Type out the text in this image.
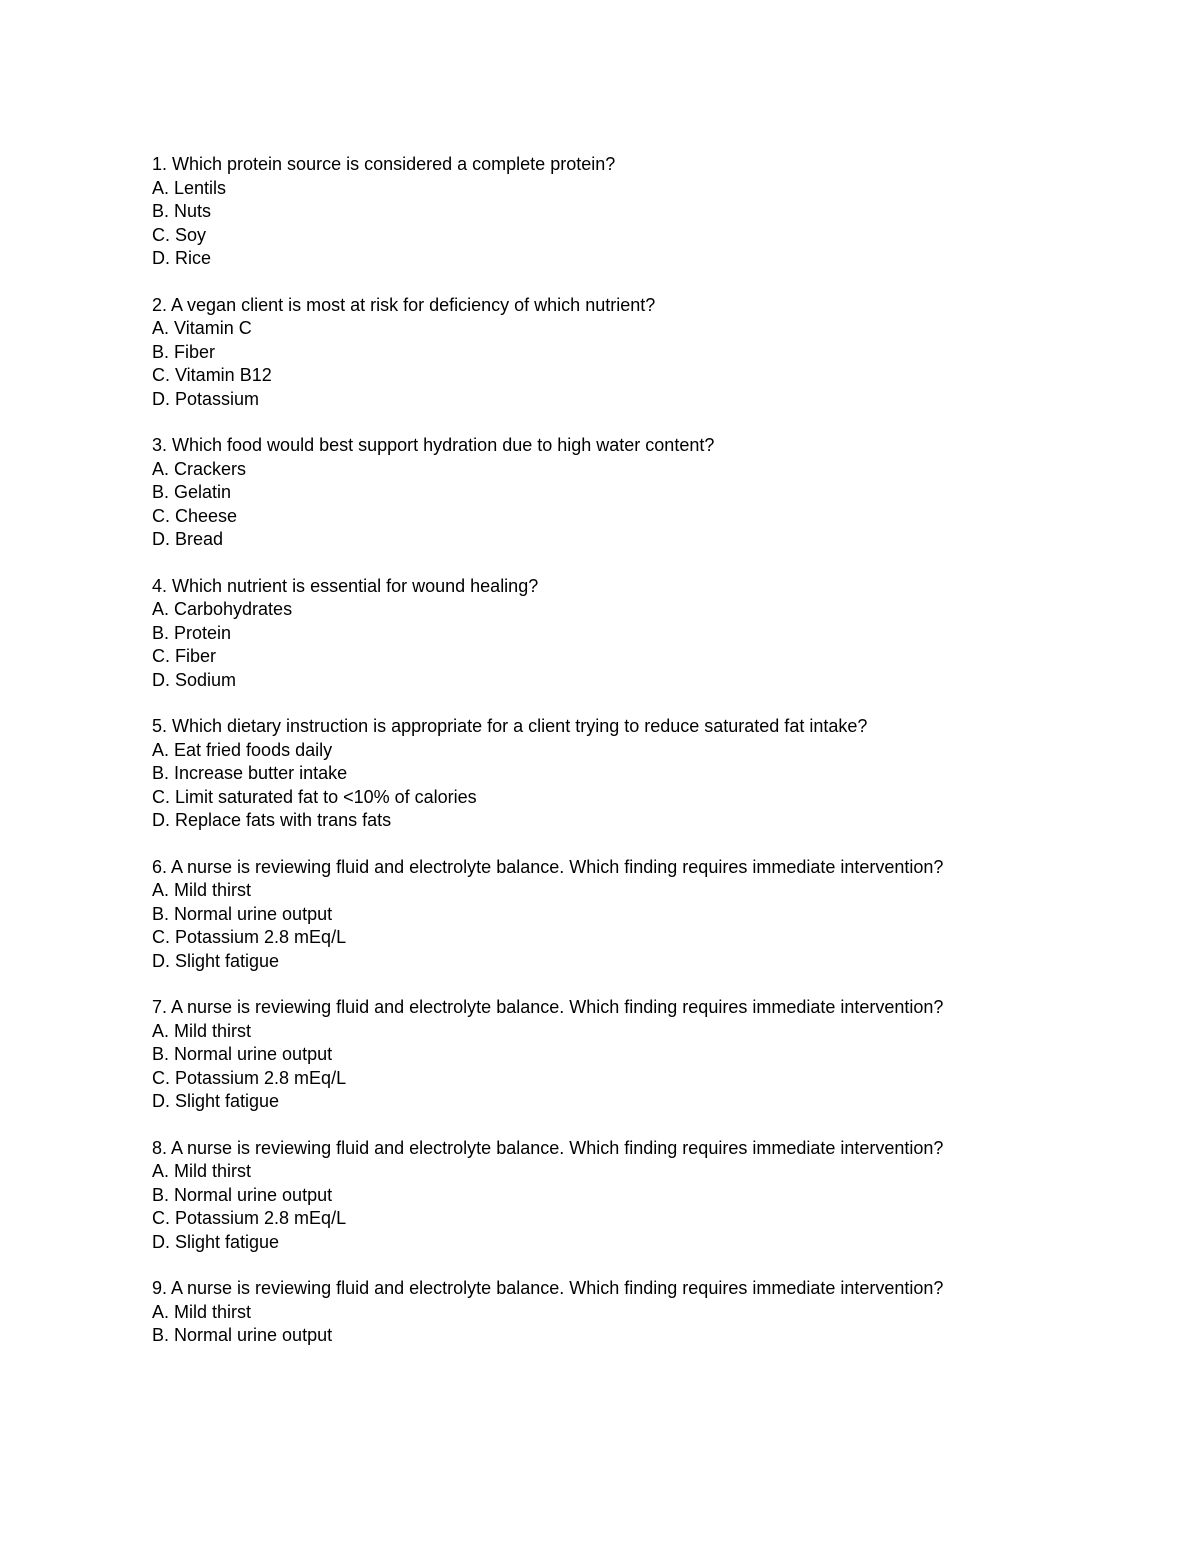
1. Which protein source is considered a complete protein?

A. Lentils

B. Nuts

C. Soy

D. Rice

2. A vegan client is most at risk for deficiency of which nutrient?

A. Vitamin C

B. Fiber

C. Vitamin B12

D. Potassium

3. Which food would best support hydration due to high water content?

A. Crackers

B. Gelatin

C. Cheese

D. Bread

4. Which nutrient is essential for wound healing?

A. Carbohydrates

B. Protein

C. Fiber

D. Sodium

5. Which dietary instruction is appropriate for a client trying to reduce saturated fat intake?

A. Eat fried foods daily

B. Increase butter intake

C. Limit saturated fat to <10% of calories

D. Replace fats with trans fats

6. A nurse is reviewing fluid and electrolyte balance. Which finding requires immediate intervention?

A. Mild thirst

B. Normal urine output

C. Potassium 2.8 mEq/L

D. Slight fatigue

7. A nurse is reviewing fluid and electrolyte balance. Which finding requires immediate intervention?

A. Mild thirst

B. Normal urine output

C. Potassium 2.8 mEq/L

D. Slight fatigue

8. A nurse is reviewing fluid and electrolyte balance. Which finding requires immediate intervention?

A. Mild thirst

B. Normal urine output

C. Potassium 2.8 mEq/L

D. Slight fatigue

9. A nurse is reviewing fluid and electrolyte balance. Which finding requires immediate intervention?

A. Mild thirst

B. Normal urine output
